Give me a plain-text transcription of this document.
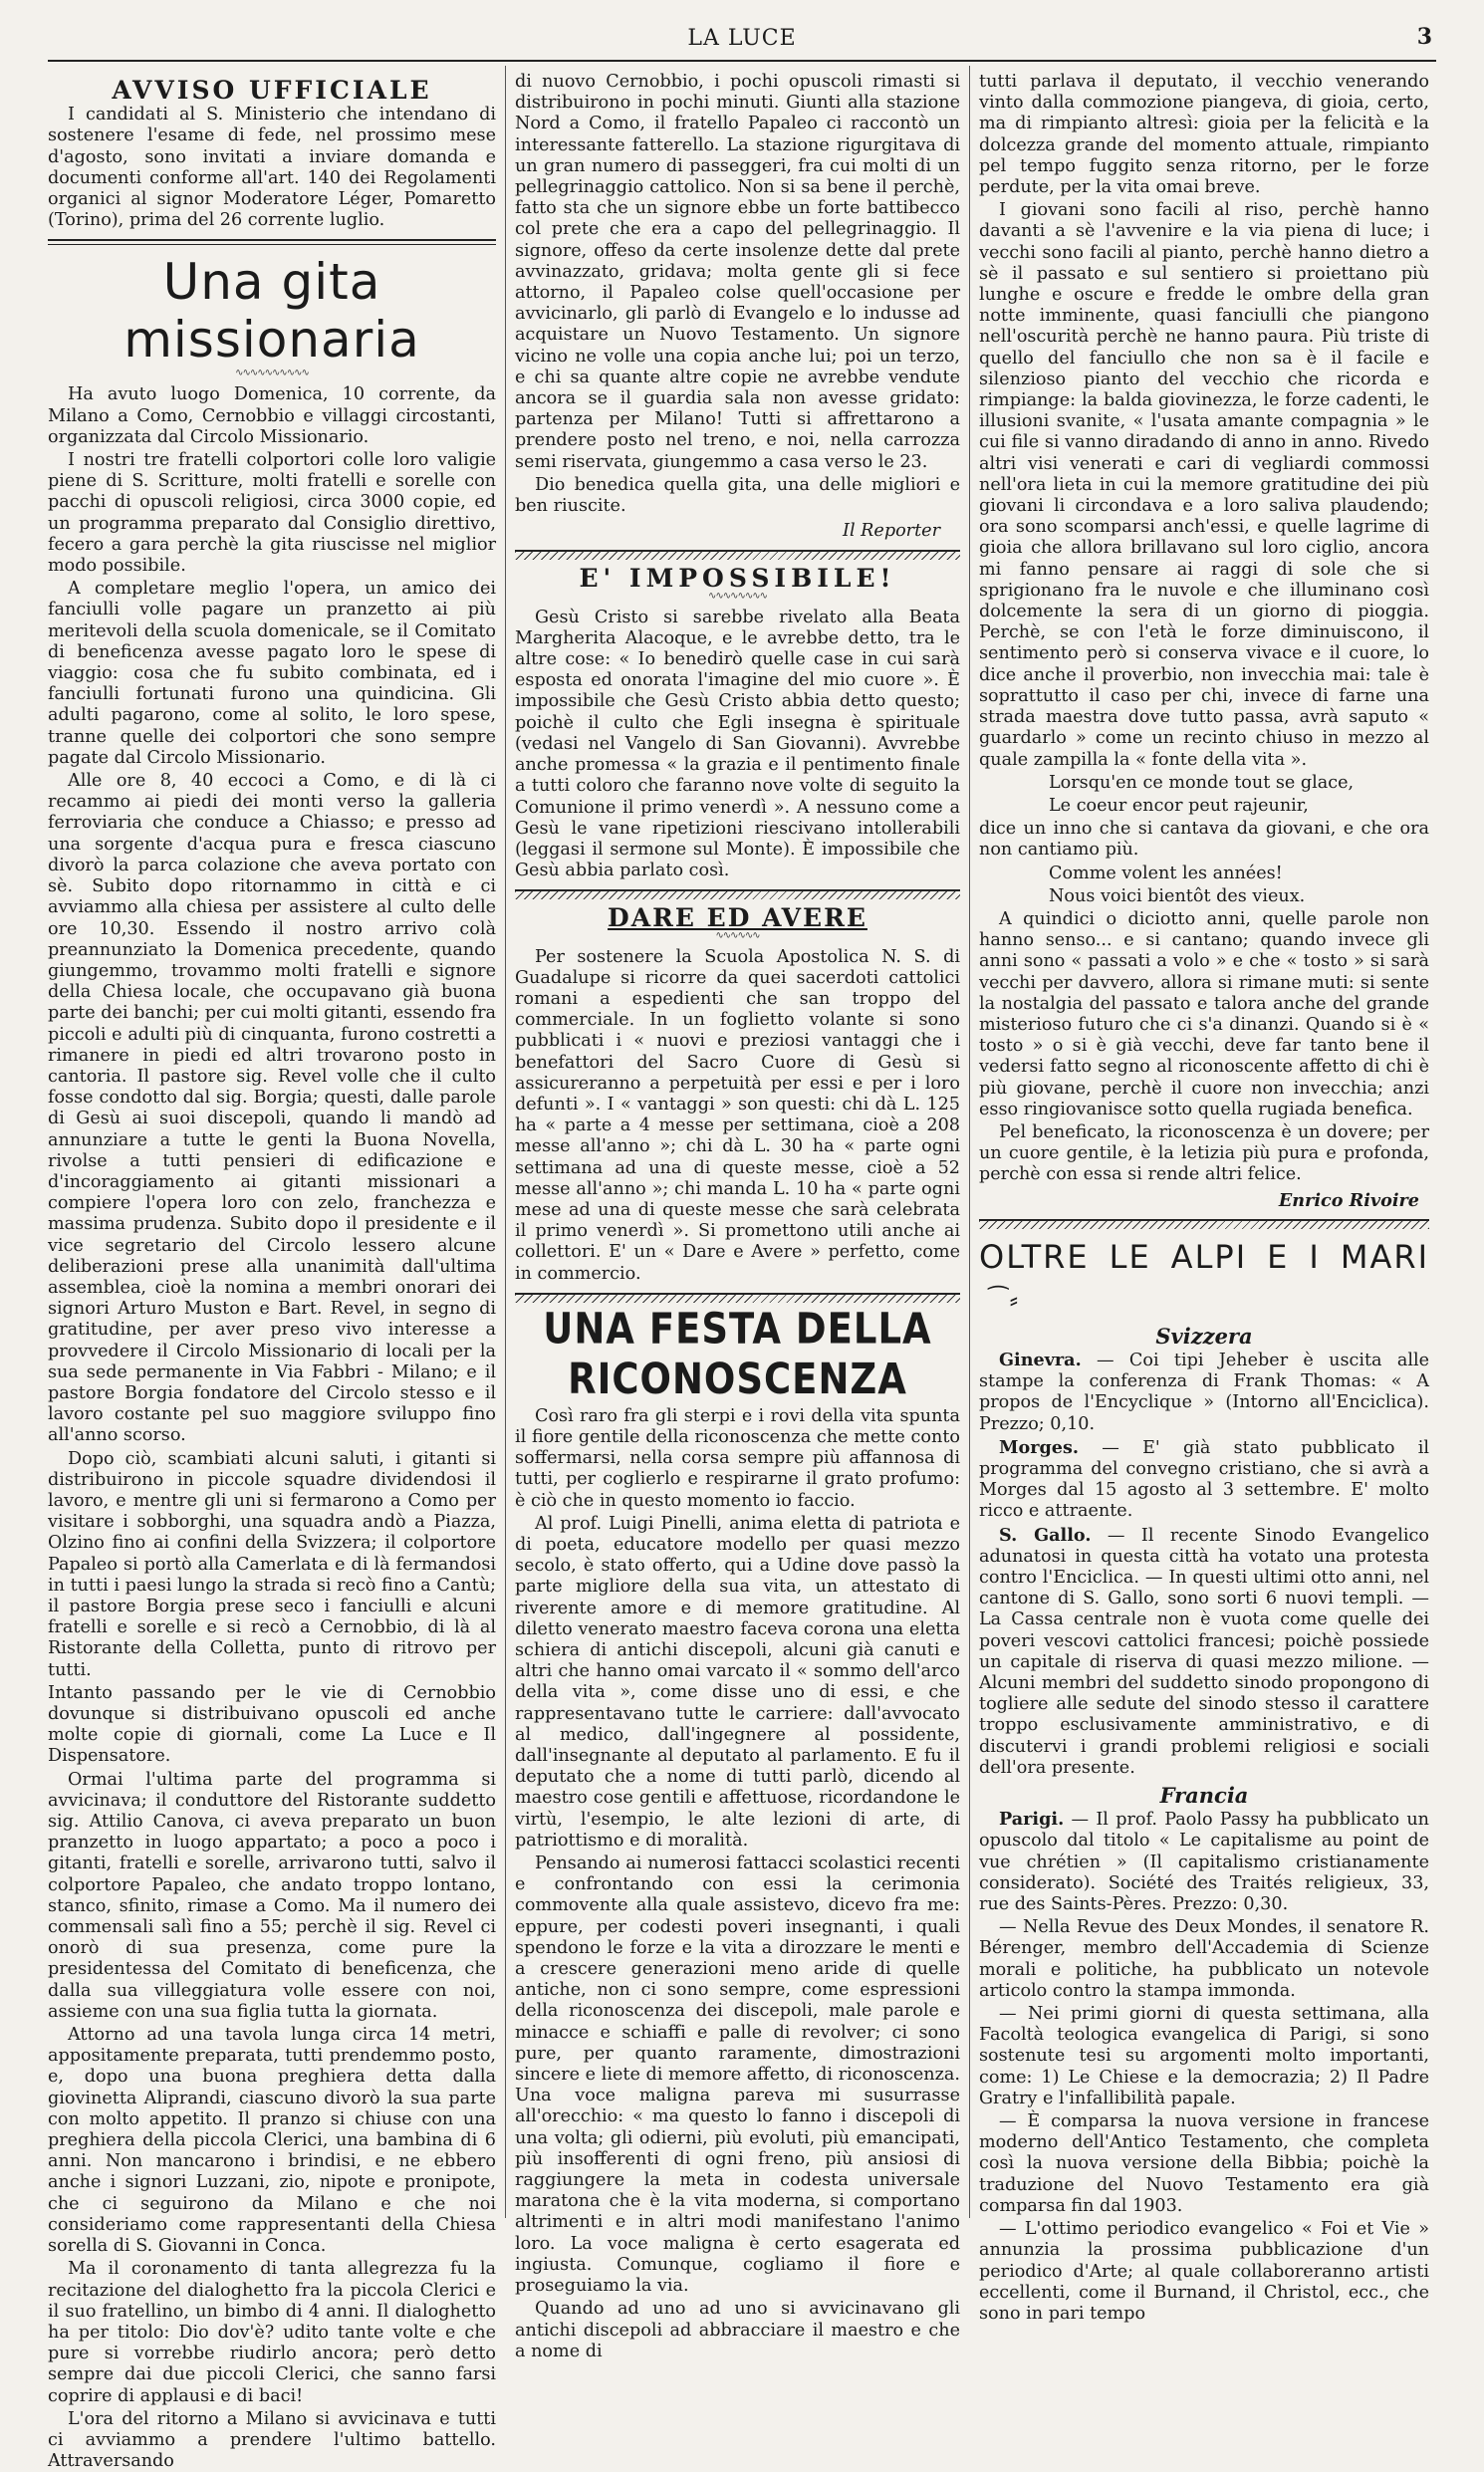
LA LUCE	3
AVVISO UFFICIALE

I candidati al S. Ministerio che intendano di sostenere l'esame di fede, nel prossimo mese d'agosto, sono invitati a inviare domanda e documenti conforme all'art. 140 dei Regolamenti organici al signor Moderatore Léger, Pomaretto (Torino), prima del 26 corrente luglio.

Una gita missionaria
∿∿∿∿∿∿∿∿∿∿

Ha avuto luogo Domenica, 10 corrente, da Milano a Como, Cernobbio e villaggi circostanti, organizzata dal Circolo Missionario.

I nostri tre fratelli colportori colle loro valigie piene di S. Scritture, molti fratelli e sorelle con pacchi di opuscoli religiosi, circa 3000 copie, ed un programma preparato dal Consiglio direttivo, fecero a gara perchè la gita riuscisse nel miglior modo possibile.

A completare meglio l'opera, un amico dei fanciulli volle pagare un pranzetto ai più meritevoli della scuola domenicale, se il Comitato di beneficenza avesse pagato loro le spese di viaggio: cosa che fu subito combinata, ed i fanciulli fortunati furono una quindicina. Gli adulti pagarono, come al solito, le loro spese, tranne quelle dei colportori che sono sempre pagate dal Circolo Missionario.

Alle ore 8, 40 eccoci a Como, e di là ci recammo ai piedi dei monti verso la galleria ferroviaria che conduce a Chiasso; e presso ad una sorgente d'acqua pura e fresca ciascuno divorò la parca colazione che aveva portato con sè. Subito dopo ritornammo in città e ci avviammo alla chiesa per assistere al culto delle ore 10,30. Essendo il nostro arrivo colà preannunziato la Domenica precedente, quando giungemmo, trovammo molti fratelli e signore della Chiesa locale, che occupavano già buona parte dei banchi; per cui molti gitanti, essendo fra piccoli e adulti più di cinquanta, furono costretti a rimanere in piedi ed altri trovarono posto in cantoria. Il pastore sig. Revel volle che il culto fosse condotto dal sig. Borgia; questi, dalle parole di Gesù ai suoi discepoli, quando li mandò ad annunziare a tutte le genti la Buona Novella, rivolse a tutti pensieri di edificazione e d'incoraggiamento ai gitanti missionari a compiere l'opera loro con zelo, franchezza e massima prudenza. Subito dopo il presidente e il vice segretario del Circolo lessero alcune deliberazioni prese alla unanimità dall'ultima assemblea, cioè la nomina a membri onorari dei signori Arturo Muston e Bart. Revel, in segno di gratitudine, per aver preso vivo interesse a provvedere il Circolo Missionario di locali per la sua sede permanente in Via Fabbri - Milano; e il pastore Borgia fondatore del Circolo stesso e il lavoro costante pel suo maggiore sviluppo fino all'anno scorso.

Dopo ciò, scambiati alcuni saluti, i gitanti si distribuirono in piccole squadre dividendosi il lavoro, e mentre gli uni si fermarono a Como per visitare i sobborghi, una squadra andò a Piazza, Olzino fino ai confini della Svizzera; il colportore Papaleo si portò alla Camerlata e di là fermandosi in tutti i paesi lungo la strada si recò fino a Cantù; il pastore Borgia prese seco i fanciulli e alcuni fratelli e sorelle e si recò a Cernobbio, di là al Ristorante della Colletta, punto di ritrovo per tutti.

Intanto passando per le vie di Cernobbio dovunque si distribuivano opuscoli ed anche molte copie di giornali, come La Luce e Il Dispensatore.

Ormai l'ultima parte del programma si avvicinava; il conduttore del Ristorante suddetto sig. Attilio Canova, ci aveva preparato un buon pranzetto in luogo appartato; a poco a poco i gitanti, fratelli e sorelle, arrivarono tutti, salvo il colportore Papaleo, che andato troppo lontano, stanco, sfinito, rimase a Como. Ma il numero dei commensali salì fino a 55; perchè il sig. Revel ci onorò di sua presenza, come pure la presidentessa del Comitato di beneficenza, che dalla sua villeggiatura volle essere con noi, assieme con una sua figlia tutta la giornata.

Attorno ad una tavola lunga circa 14 metri, appositamente preparata, tutti prendemmo posto, e, dopo una buona preghiera detta dalla giovinetta Aliprandi, ciascuno divorò la sua parte con molto appetito. Il pranzo si chiuse con una preghiera della piccola Clerici, una bambina di 6 anni. Non mancarono i brindisi, e ne ebbero anche i signori Luzzani, zio, nipote e pronipote, che ci seguirono da Milano e che noi consideriamo come rappresentanti della Chiesa sorella di S. Giovanni in Conca.

Ma il coronamento di tanta allegrezza fu la recitazione del dialoghetto fra la piccola Clerici e il suo fratellino, un bimbo di 4 anni. Il dialoghetto ha per titolo: Dio dov'è? udito tante volte e che pure si vorrebbe riudirlo ancora; però detto sempre dai due piccoli Clerici, che sanno farsi coprire di applausi e di baci!

L'ora del ritorno a Milano si avvicinava e tutti ci avviammo a prendere l'ultimo battello. Attraversando

di nuovo Cernobbio, i pochi opuscoli rimasti si distribuirono in pochi minuti. Giunti alla stazione Nord a Como, il fratello Papaleo ci raccontò un interessante fatterello. La stazione rigurgitava di un gran numero di passeggeri, fra cui molti di un pellegrinaggio cattolico. Non si sa bene il perchè, fatto sta che un signore ebbe un forte battibecco col prete che era a capo del pellegrinaggio. Il signore, offeso da certe insolenze dette dal prete avvinazzato, gridava; molta gente gli si fece attorno, il Papaleo colse quell'occasione per avvicinarlo, gli parlò di Evangelo e lo indusse ad acquistare un Nuovo Testamento. Un signore vicino ne volle una copia anche lui; poi un terzo, e chi sa quante altre copie ne avrebbe vendute ancora se il guardia sala non avesse gridato: partenza per Milano! Tutti si affrettarono a prendere posto nel treno, e noi, nella carrozza semi riservata, giungemmo a casa verso le 23.

Dio benedica quella gita, una delle migliori e ben riuscite.

Il Reporter
E' IMPOSSIBILE!
∿∿∿∿∿∿∿∿

Gesù Cristo si sarebbe rivelato alla Beata Margherita Alacoque, e le avrebbe detto, tra le altre cose: « Io benedirò quelle case in cui sarà esposta ed onorata l'imagine del mio cuore ». È impossibile che Gesù Cristo abbia detto questo; poichè il culto che Egli insegna è spirituale (vedasi nel Vangelo di San Giovanni). Avvrebbe anche promessa « la grazia e il pentimento finale a tutti coloro che faranno nove volte di seguito la Comunione il primo venerdì ». A nessuno come a Gesù le vane ripetizioni riescivano intollerabili (leggasi il sermone sul Monte). È impossibile che Gesù abbia parlato così.

DARE ED AVERE
∿∿∿∿∿∿

Per sostenere la Scuola Apostolica N. S. di Guadalupe si ricorre da quei sacerdoti cattolici romani a espedienti che san troppo del commerciale. In un foglietto volante si sono pubblicati i « nuovi e preziosi vantaggi che i benefattori del Sacro Cuore di Gesù si assicureranno a perpetuità per essi e per i loro defunti ». I « vantaggi » son questi: chi dà L. 125 ha « parte a 4 messe per settimana, cioè a 208 messe all'anno »; chi dà L. 30 ha « parte ogni settimana ad una di queste messe, cioè a 52 messe all'anno »; chi manda L. 10 ha « parte ogni mese ad una di queste messe che sarà celebrata il primo venerdì ». Si promettono utili anche ai collettori. E' un « Dare e Avere » perfetto, come in commercio.

UNA FESTA DELLA RICONOSCENZA

Così raro fra gli sterpi e i rovi della vita spunta il fiore gentile della riconoscenza che mette conto soffermarsi, nella corsa sempre più affannosa di tutti, per coglierlo e respirarne il grato profumo: è ciò che in questo momento io faccio.

Al prof. Luigi Pinelli, anima eletta di patriota e di poeta, educatore modello per quasi mezzo secolo, è stato offerto, qui a Udine dove passò la parte migliore della sua vita, un attestato di riverente amore e di memore gratitudine. Al diletto venerato maestro faceva corona una eletta schiera di antichi discepoli, alcuni già canuti e altri che hanno omai varcato il « sommo dell'arco della vita », come disse uno di essi, e che rappresentavano tutte le carriere: dall'avvocato al medico, dall'ingegnere al possidente, dall'insegnante al deputato al parlamento. E fu il deputato che a nome di tutti parlò, dicendo al maestro cose gentili e affettuose, ricordandone le virtù, l'esempio, le alte lezioni di arte, di patriottismo e di moralità.

Pensando ai numerosi fattacci scolastici recenti e confrontando con essi la cerimonia commovente alla quale assistevo, dicevo fra me: eppure, per codesti poveri insegnanti, i quali spendono le forze e la vita a dirozzare le menti e a crescere generazioni meno aride di quelle antiche, non ci sono sempre, come espressioni della riconoscenza dei discepoli, male parole e minacce e schiaffi e palle di revolver; ci sono pure, per quanto raramente, dimostrazioni sincere e liete di memore affetto, di riconoscenza. Una voce maligna pareva mi susurrasse all'orecchio: « ma questo lo fanno i discepoli di una volta; gli odierni, più evoluti, più emancipati, più insofferenti di ogni freno, più ansiosi di raggiungere la meta in codesta universale maratona che è la vita moderna, si comportano altrimenti e in altri modi manifestano l'animo loro. La voce maligna è certo esagerata ed ingiusta. Comunque, cogliamo il fiore e proseguiamo la via.

Quando ad uno ad uno si avvicinavano gli antichi discepoli ad abbracciare il maestro e che a nome di

tutti parlava il deputato, il vecchio venerando vinto dalla commozione piangeva, di gioia, certo, ma di rimpianto altresì: gioia per la felicità e la dolcezza grande del momento attuale, rimpianto pel tempo fuggito senza ritorno, per le forze perdute, per la vita omai breve.

I giovani sono facili al riso, perchè hanno davanti a sè l'avvenire e la via piena di luce; i vecchi sono facili al pianto, perchè hanno dietro a sè il passato e sul sentiero si proiettano più lunghe e oscure e fredde le ombre della gran notte imminente, quasi fanciulli che piangono nell'oscurità perchè ne hanno paura. Più triste di quello del fanciullo che non sa è il facile e silenzioso pianto del vecchio che ricorda e rimpiange: la balda giovinezza, le forze cadenti, le illusioni svanite, « l'usata amante compagnia » le cui file si vanno diradando di anno in anno. Rivedo altri visi venerati e cari di vegliardi commossi nell'ora lieta in cui la memore gratitudine dei più giovani li circondava e a loro saliva plaudendo; ora sono scomparsi anch'essi, e quelle lagrime di gioia che allora brillavano sul loro ciglio, ancora mi fanno pensare ai raggi di sole che si sprigionano fra le nuvole e che illuminano così dolcemente la sera di un giorno di pioggia. Perchè, se con l'età le forze diminuiscono, il sentimento però si conserva vivace e il cuore, lo dice anche il proverbio, non invecchia mai: tale è soprattutto il caso per chi, invece di farne una strada maestra dove tutto passa, avrà saputo « guardarlo » come un recinto chiuso in mezzo al quale zampilla la « fonte della vita ».

Lorsqu'en ce monde tout se glace,

Le coeur encor peut rajeunir,

dice un inno che si cantava da giovani, e che ora non cantiamo più.

Comme volent les années!

Nous voici bientôt des vieux.

A quindici o diciotto anni, quelle parole non hanno senso... e si cantano; quando invece gli anni sono « passati a volo » e che « tosto » si sarà vecchi per davvero, allora si rimane muti: si sente la nostalgia del passato e talora anche del grande misterioso futuro che ci s'a dinanzi. Quando si è « tosto » o si è già vecchi, deve far tanto bene il vedersi fatto segno al riconoscente affetto di chi è più giovane, perchè il cuore non invecchia; anzi esso ringiovanisce sotto quella rugiada benefica.

Pel beneficato, la riconoscenza è un dovere; per un cuore gentile, è la letizia più pura e profonda, perchè con essa si rende altri felice.

Enrico Rivoire
OLTRE LE ALPI E I MARI  ⁀⸗
Svizzera

Ginevra. — Coi tipi Jeheber è uscita alle stampe la conferenza di Frank Thomas: « A propos de l'Encyclique » (Intorno all'Enciclica). Prezzo; 0,10.

Morges. — E' già stato pubblicato il programma del convegno cristiano, che si avrà a Morges dal 15 agosto al 3 settembre. E' molto ricco e attraente.

S. Gallo. — Il recente Sinodo Evangelico adunatosi in questa città ha votato una protesta contro l'Enciclica. — In questi ultimi otto anni, nel cantone di S. Gallo, sono sorti 6 nuovi templi. — La Cassa centrale non è vuota come quelle dei poveri vescovi cattolici francesi; poichè possiede un capitale di riserva di quasi mezzo milione. — Alcuni membri del suddetto sinodo propongono di togliere alle sedute del sinodo stesso il carattere troppo esclusivamente amministrativo, e di discutervi i grandi problemi religiosi e sociali dell'ora presente.

Francia

Parigi. — Il prof. Paolo Passy ha pubblicato un opuscolo dal titolo « Le capitalisme au point de vue chrétien » (Il capitalismo cristianamente considerato). Société des Traités religieux, 33, rue des Saints-Pères. Prezzo: 0,30.

— Nella Revue des Deux Mondes, il senatore R. Bérenger, membro dell'Accademia di Scienze morali e politiche, ha pubblicato un notevole articolo contro la stampa immonda.

— Nei primi giorni di questa settimana, alla Facoltà teologica evangelica di Parigi, si sono sostenute tesi su argomenti molto importanti, come: 1) Le Chiese e la democrazia; 2) Il Padre Gratry e l'infallibilità papale.

— È comparsa la nuova versione in francese moderno dell'Antico Testamento, che completa così la nuova versione della Bibbia; poichè la traduzione del Nuovo Testamento era già comparsa fin dal 1903.

— L'ottimo periodico evangelico « Foi et Vie » annunzia la prossima pubblicazione d'un periodico d'Arte; al quale collaboreranno artisti eccellenti, come il Burnand, il Christol, ecc., che sono in pari tempo
